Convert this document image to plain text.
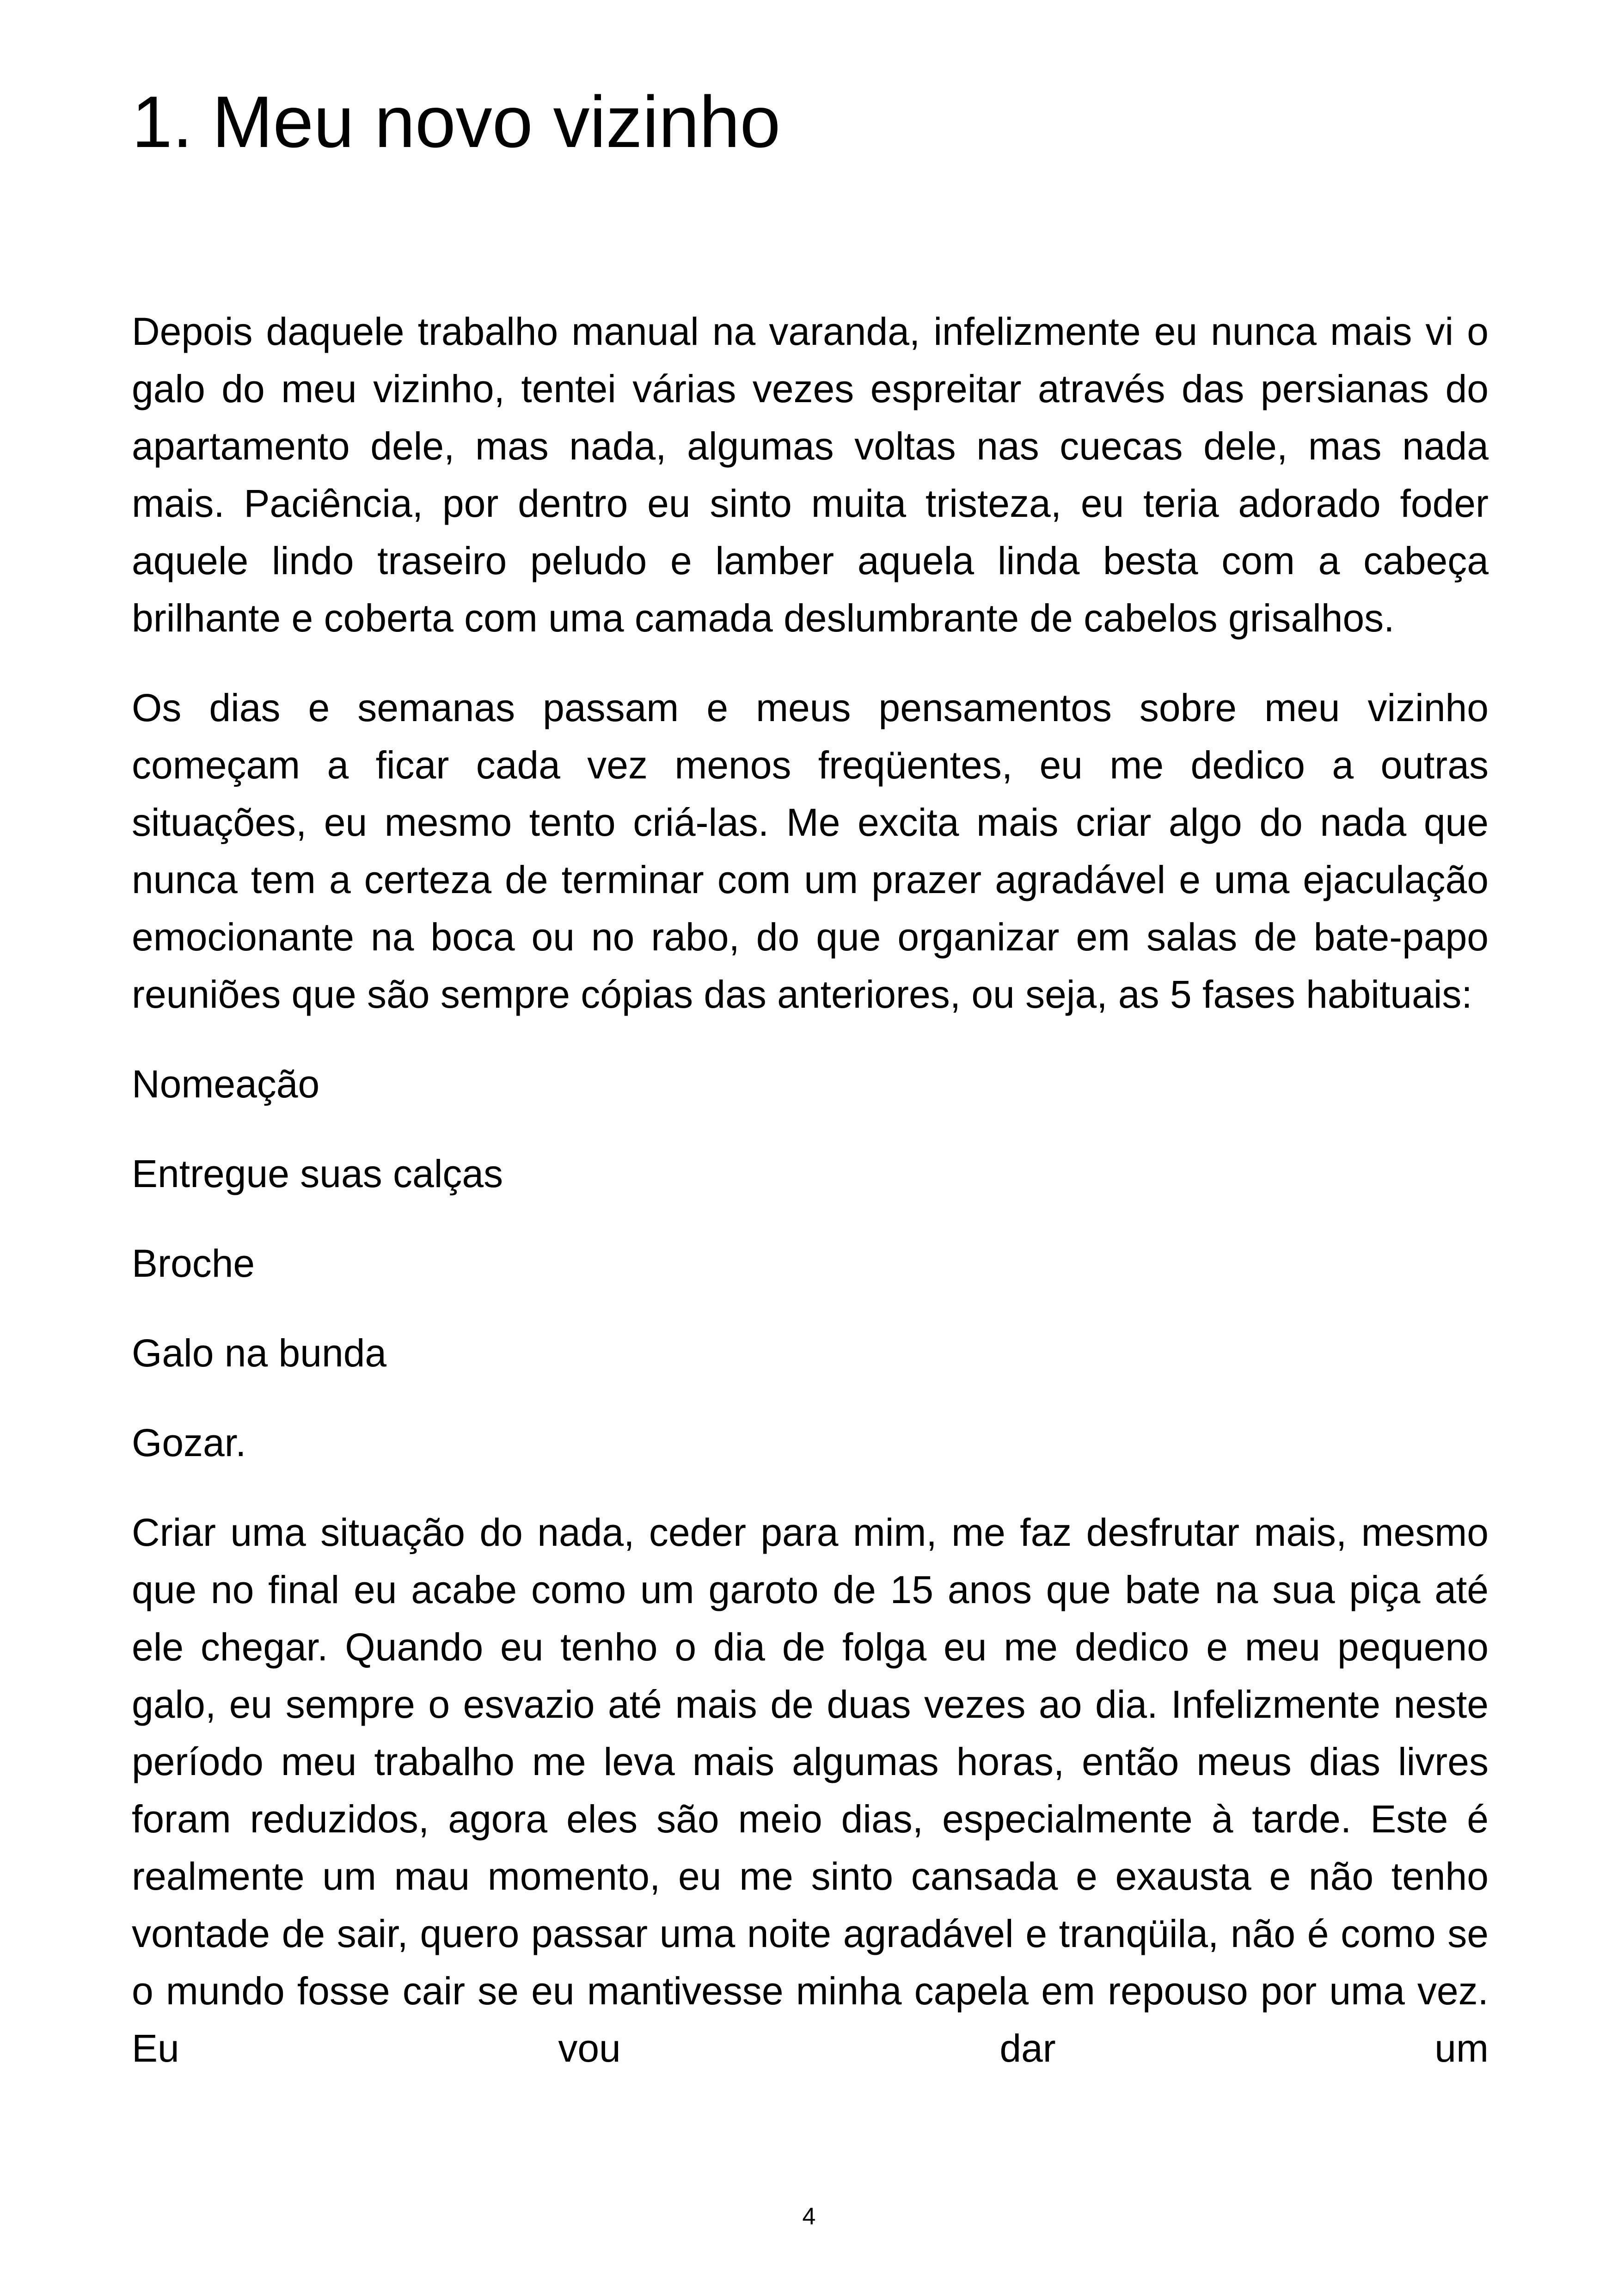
1. Meu novo vizinho

Depois daquele trabalho manual na varanda, infelizmente eu nunca mais vi o galo do meu vizinho, tentei várias vezes espreitar através das persianas do apartamento dele, mas nada, algumas voltas nas cuecas dele, mas nada mais. Paciência, por dentro eu sinto muita tristeza, eu teria adorado foder aquele lindo traseiro peludo e lamber aquela linda besta com a cabeça brilhante e coberta com uma camada deslumbrante de cabelos grisalhos.

Os dias e semanas passam e meus pensamentos sobre meu vizinho começam a ficar cada vez menos freqüentes, eu me dedico a outras situações, eu mesmo tento criá-las. Me excita mais criar algo do nada que nunca tem a certeza de terminar com um prazer agradável e uma ejaculação emocionante na boca ou no rabo, do que organizar em salas de bate-papo reuniões que são sempre cópias das anteriores, ou seja, as 5 fases habituais:

Nomeação

Entregue suas calças

Broche

Galo na bunda

Gozar.

Criar uma situação do nada, ceder para mim, me faz desfrutar mais, mesmo que no final eu acabe como um garoto de 15 anos que bate na sua piça até ele chegar. Quando eu tenho o dia de folga eu me dedico e meu pequeno galo, eu sempre o esvazio até mais de duas vezes ao dia. Infelizmente neste período meu trabalho me leva mais algumas horas, então meus dias livres foram reduzidos, agora eles são meio dias, especialmente à tarde. Este é realmente um mau momento, eu me sinto cansada e exausta e não tenho vontade de sair, quero passar uma noite agradável e tranqüila, não é como se o mundo fosse cair se eu mantivesse minha capela em repouso por uma vez. Eu vou dar um

4
